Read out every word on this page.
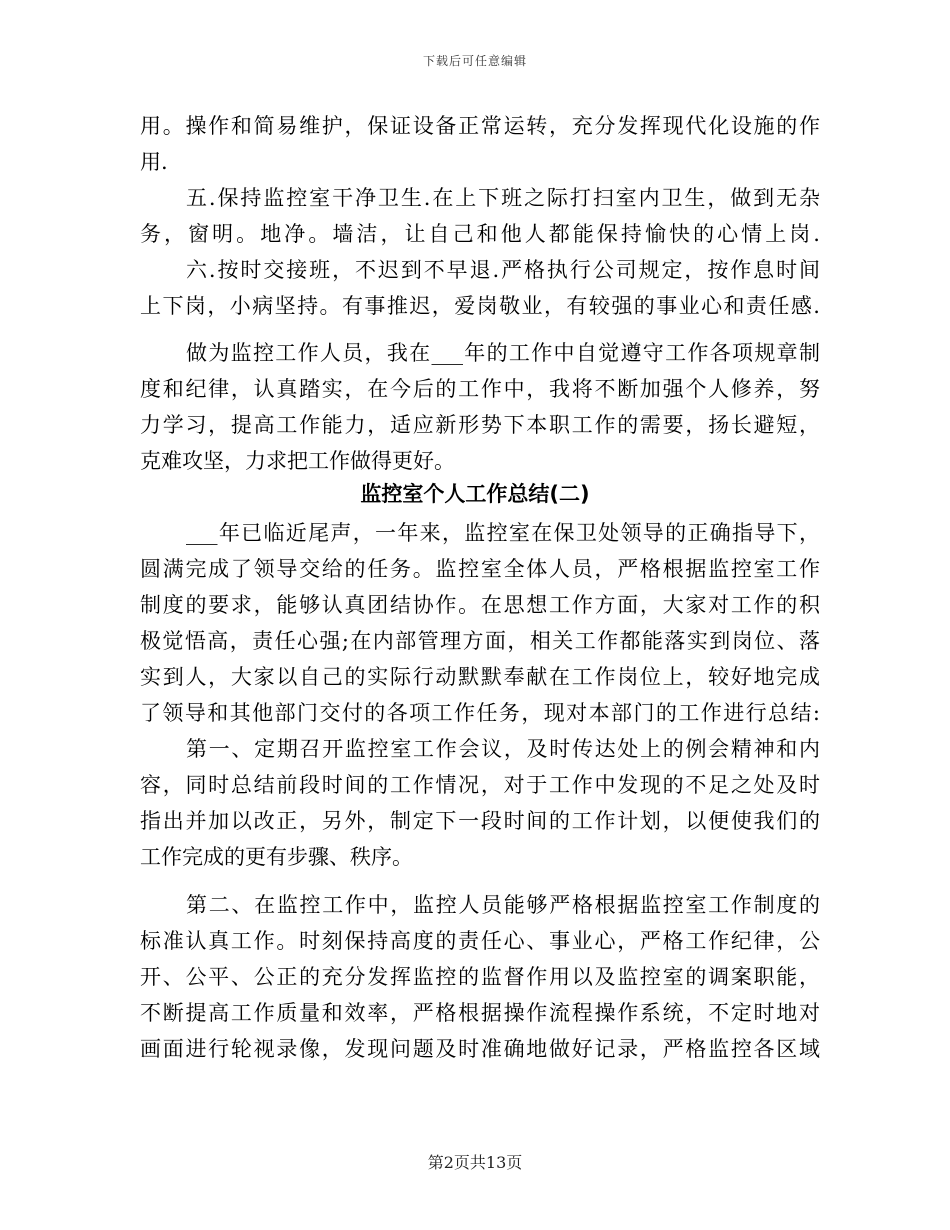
下载后可任意编辑
用。操作和简易维护，保证设备正常运转，充分发挥现代化设施的作
用.
五.保持监控室干净卫生.在上下班之际打扫室内卫生，做到无杂
务，窗明。地净。墙洁，让自己和他人都能保持愉快的心情上岗.
六.按时交接班，不迟到不早退.严格执行公司规定，按作息时间
上下岗，小病坚持。有事推迟，爱岗敬业，有较强的事业心和责任感.
做为监控工作人员，我在___年的工作中自觉遵守工作各项规章制
度和纪律，认真踏实，在今后的工作中，我将不断加强个人修养，努
力学习，提高工作能力，适应新形势下本职工作的需要，扬长避短，
克难攻坚，力求把工作做得更好。
监控室个人工作总结(二)
___年已临近尾声，一年来，监控室在保卫处领导的正确指导下，
圆满完成了领导交给的任务。监控室全体人员，严格根据监控室工作
制度的要求，能够认真团结协作。在思想工作方面，大家对工作的积
极觉悟高，责任心强;在内部管理方面，相关工作都能落实到岗位、落
实到人，大家以自己的实际行动默默奉献在工作岗位上，较好地完成
了领导和其他部门交付的各项工作任务，现对本部门的工作进行总结:
第一、定期召开监控室工作会议，及时传达处上的例会精神和内
容，同时总结前段时间的工作情况，对于工作中发现的不足之处及时
指出并加以改正，另外，制定下一段时间的工作计划，以便使我们的
工作完成的更有步骤、秩序。
第二、在监控工作中，监控人员能够严格根据监控室工作制度的
标准认真工作。时刻保持高度的责任心、事业心，严格工作纪律，公
开、公平、公正的充分发挥监控的监督作用以及监控室的调案职能，
不断提高工作质量和效率，严格根据操作流程操作系统，不定时地对
画面进行轮视录像，发现问题及时准确地做好记录，严格监控各区域
第2页共13页
